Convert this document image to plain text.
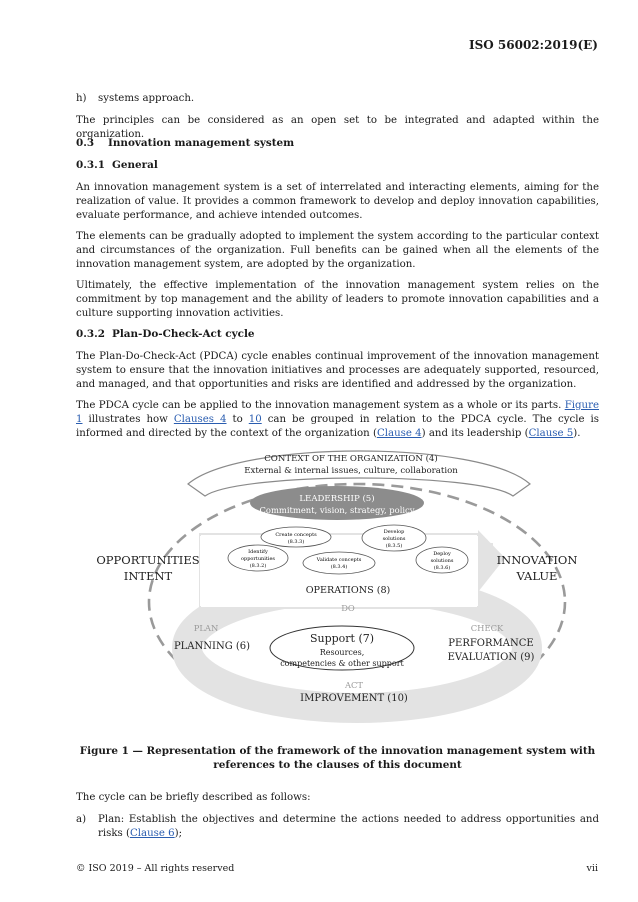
ISO 56002:2019(E)
h) systems approach.
The principles can be considered as an open set to be integrated and adapted within the organization.
0.3 Innovation management system
0.3.1 General
An innovation management system is a set of interrelated and interacting elements, aiming for the realization of value. It provides a common framework to develop and deploy innovation capabilities, evaluate performance, and achieve intended outcomes.
The elements can be gradually adopted to implement the system according to the particular context and circumstances of the organization. Full benefits can be gained when all the elements of the innovation management system, are adopted by the organization.
Ultimately, the effective implementation of the innovation management system relies on the commitment by top management and the ability of leaders to promote innovation capabilities and a culture supporting innovation activities.
0.3.2 Plan-Do-Check-Act cycle
The Plan-Do-Check-Act (PDCA) cycle enables continual improvement of the innovation management system to ensure that the innovation initiatives and processes are adequately supported, resourced, and managed, and that opportunities and risks are identified and addressed by the organization.
The PDCA cycle can be applied to the innovation management system as a whole or its parts. Figure 1 illustrates how Clauses 4 to 10 can be grouped in relation to the PDCA cycle. The cycle is informed and directed by the context of the organization (Clause 4) and its leadership (Clause 5).
CONTEXT OF THE ORGANIZATION (4)
External & internal issues, culture, collaboration
LEADERSHIP (5)
Commitment, vision, strategy, policy
OPPORTUNITIES
INTENT
INNOVATION
VALUE
Identify
opportunities
(8.3.2)
Create concepts
(8.3.3)
Validate concepts
(8.3.4)
Develop
solutions
(8.3.5)
Deploy
solutions
(8.3.6)
OPERATIONS (8)
DO
PLAN
PLANNING (6)
CHECK
PERFORMANCE
EVALUATION (9)
Support (7)
Resources,
competencies & other support
ACT
IMPROVEMENT (10)
Figure 1 — Representation of the framework of the innovation management system with
references to the clauses of this document
The cycle can be briefly described as follows:
a)	Plan: Establish the objectives and determine the actions needed to address opportunities and risks (Clause 6);
© ISO 2019 – All rights reserved	vii
